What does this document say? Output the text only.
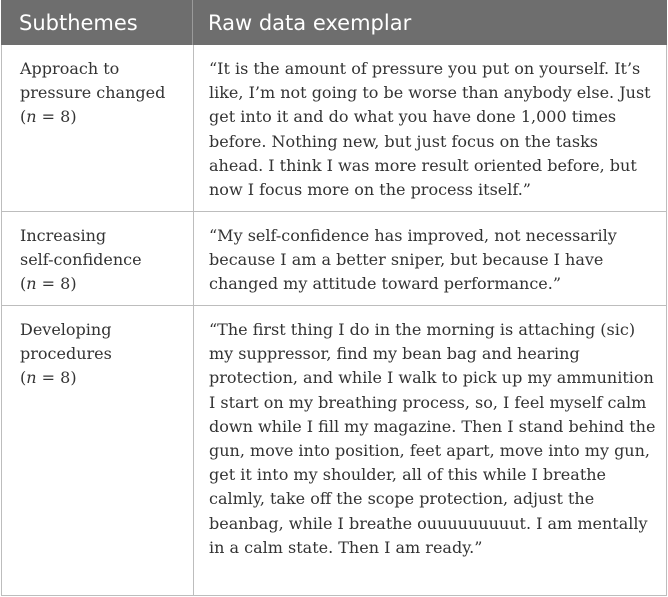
Subthemes	Raw data exemplar
Approach to
pressure changed
(n = 8)
“It is the amount of pressure you put on yourself. It’s like, I’m not going to be worse than anybody else. Just get into it and do what you have done 1,000 times before. Nothing new, but just focus on the tasks ahead. I think I was more result oriented before, but now I focus more on the process itself.”
Increasing
self-confidence
(n = 8)
“My self-confidence has improved, not necessarily because I am a better sniper, but because I have changed my attitude toward performance.”
Developing
procedures
(n = 8)
“The first thing I do in the morning is attaching (sic) my suppressor, find my bean bag and hearing protection, and while I walk to pick up my ammunition I start on my breathing process, so, I feel myself calm down while I fill my magazine. Then I stand behind the gun, move into position, feet apart, move into my gun, get it into my shoulder, all of this while I breathe calmly, take off the scope protection, adjust the beanbag, while I breathe ouuuuuuuuut. I am mentally in a calm state. Then I am ready.”
